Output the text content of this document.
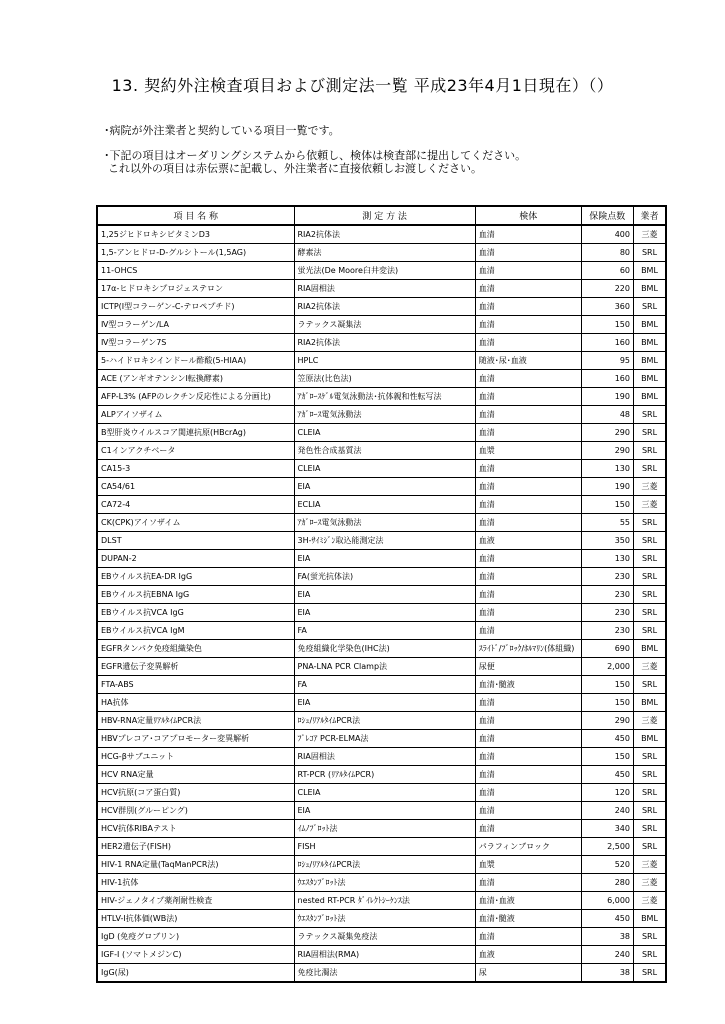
13. 契約外注検査項目および測定法一覧 平成23年4月1日現在）（）
･病院が外注業者と契約している項目一覧です。
･下記の項目はオーダリングシステムから依頼し、検体は検査部に提出してください。
これ以外の項目は赤伝票に記載し、外注業者に直接依頼しお渡しください。
項 目 名 称	測 定 方 法	検体	保険点数	業者
1,25ジヒドロキシビタミンD3	RIA2抗体法	血清	400	三菱
1,5-アンヒドロ-D-グルシトール(1,5AG)	酵素法	血清	80	SRL
11-OHCS	蛍光法(De Moore臼井変法)	血清	60	BML
17α-ヒドロキシプロジェステロン	RIA固相法	血清	220	BML
ⅠCTP(Ⅰ型コラーゲン-C-テロペプチド)	RIA2抗体法	血清	360	SRL
Ⅳ型コラーゲン/LA	ラテックス凝集法	血清	150	BML
Ⅳ型コラーゲン7S	RIA2抗体法	血清	160	BML
5-ハイドロキシインドール酢酸(5-HIAA)	HPLC	随液･尿･血液	95	BML
ACE (アンギオテンシンⅠ転換酵素)	笠原法(比色法)	血清	160	BML
AFP-L3% (AFPのレクチン反応性による分画比)	ｱｶﾞﾛｰｽｹﾞﾙ電気泳動法･抗体親和性転写法	血清	190	BML
ALPアイソザイム	ｱｶﾞﾛｰｽ電気泳動法	血清	48	SRL
B型肝炎ウイルスコア関連抗原(HBcrAg)	CLEIA	血清	290	SRL
C1インアクチベータ	発色性合成基質法	血漿	290	SRL
CA15-3	CLEIA	血清	130	SRL
CA54/61	EIA	血清	190	三菱
CA72-4	ECLIA	血清	150	三菱
CK(CPK)アイソザイム	ｱｶﾞﾛｰｽ電気泳動法	血清	55	SRL
DLST	3H-ｻｲﾐｼﾞﾝ取込能測定法	血液	350	SRL
DUPAN-2	EIA	血清	130	SRL
EBウイルス抗EA-DR IgG	FA(蛍光抗体法)	血清	230	SRL
EBウイルス抗EBNA IgG	EIA	血清	230	SRL
EBウイルス抗VCA IgG	EIA	血清	230	SRL
EBウイルス抗VCA IgM	FA	血清	230	SRL
EGFRタンパク免疫組織染色	免疫組織化学染色(IHC法)	ｽﾗｲﾄﾞ/ﾌﾞﾛｯｸ/ﾎﾙﾏﾘﾝ(体組織)	690	BML
EGFR遺伝子変異解析	PNA-LNA PCR Clamp法	尿便	2,000	三菱
FTA-ABS	FA	血清･髄液	150	SRL
HA抗体	EIA	血清	150	BML
HBV-RNA定量ﾘｱﾙﾀｲﾑPCR法	ﾛｼｭ/ﾘｱﾙﾀｲﾑPCR法	血清	290	三菱
HBVプレコア･コアプロモーター変異解析	ﾌﾟﾚｺｱ PCR-ELMA法	血清	450	BML
HCG-βサブユニット	RIA固相法	血清	150	SRL
HCV RNA定量	RT-PCR (ﾘｱﾙﾀｲﾑPCR)	血清	450	SRL
HCV抗原(コア蛋白質)	CLEIA	血清	120	SRL
HCV群別(グルーピング)	EIA	血清	240	SRL
HCV抗体RIBAテスト	ｲﾑﾉﾌﾞﾛｯﾄ法	血清	340	SRL
HER2遺伝子(FISH)	FISH	パラフィンブロック	2,500	SRL
HIV-1 RNA定量(TaqManPCR法)	ﾛｼｭ/ﾘｱﾙﾀｲﾑPCR法	血漿	520	三菱
HIV-1抗体	ｳｴｽﾀﾝﾌﾞﾛｯﾄ法	血清	280	三菱
HIV-ジェノタイプ薬剤耐性検査	nested RT-PCR ﾀﾞｲﾚｸﾄｼｰｹﾝｽ法	血清･血液	6,000	三菱
HTLV-Ⅰ抗体価(WB法)	ｳｴｽﾀﾝﾌﾞﾛｯﾄ法	血清･髄液	450	BML
IgD (免疫グロブリン)	ラテックス凝集免疫法	血清	38	SRL
IGF-Ⅰ (ソマトメジンC)	RIA固相法(RMA)	血液	240	SRL
IgG(尿)	免疫比濁法	尿	38	SRL
